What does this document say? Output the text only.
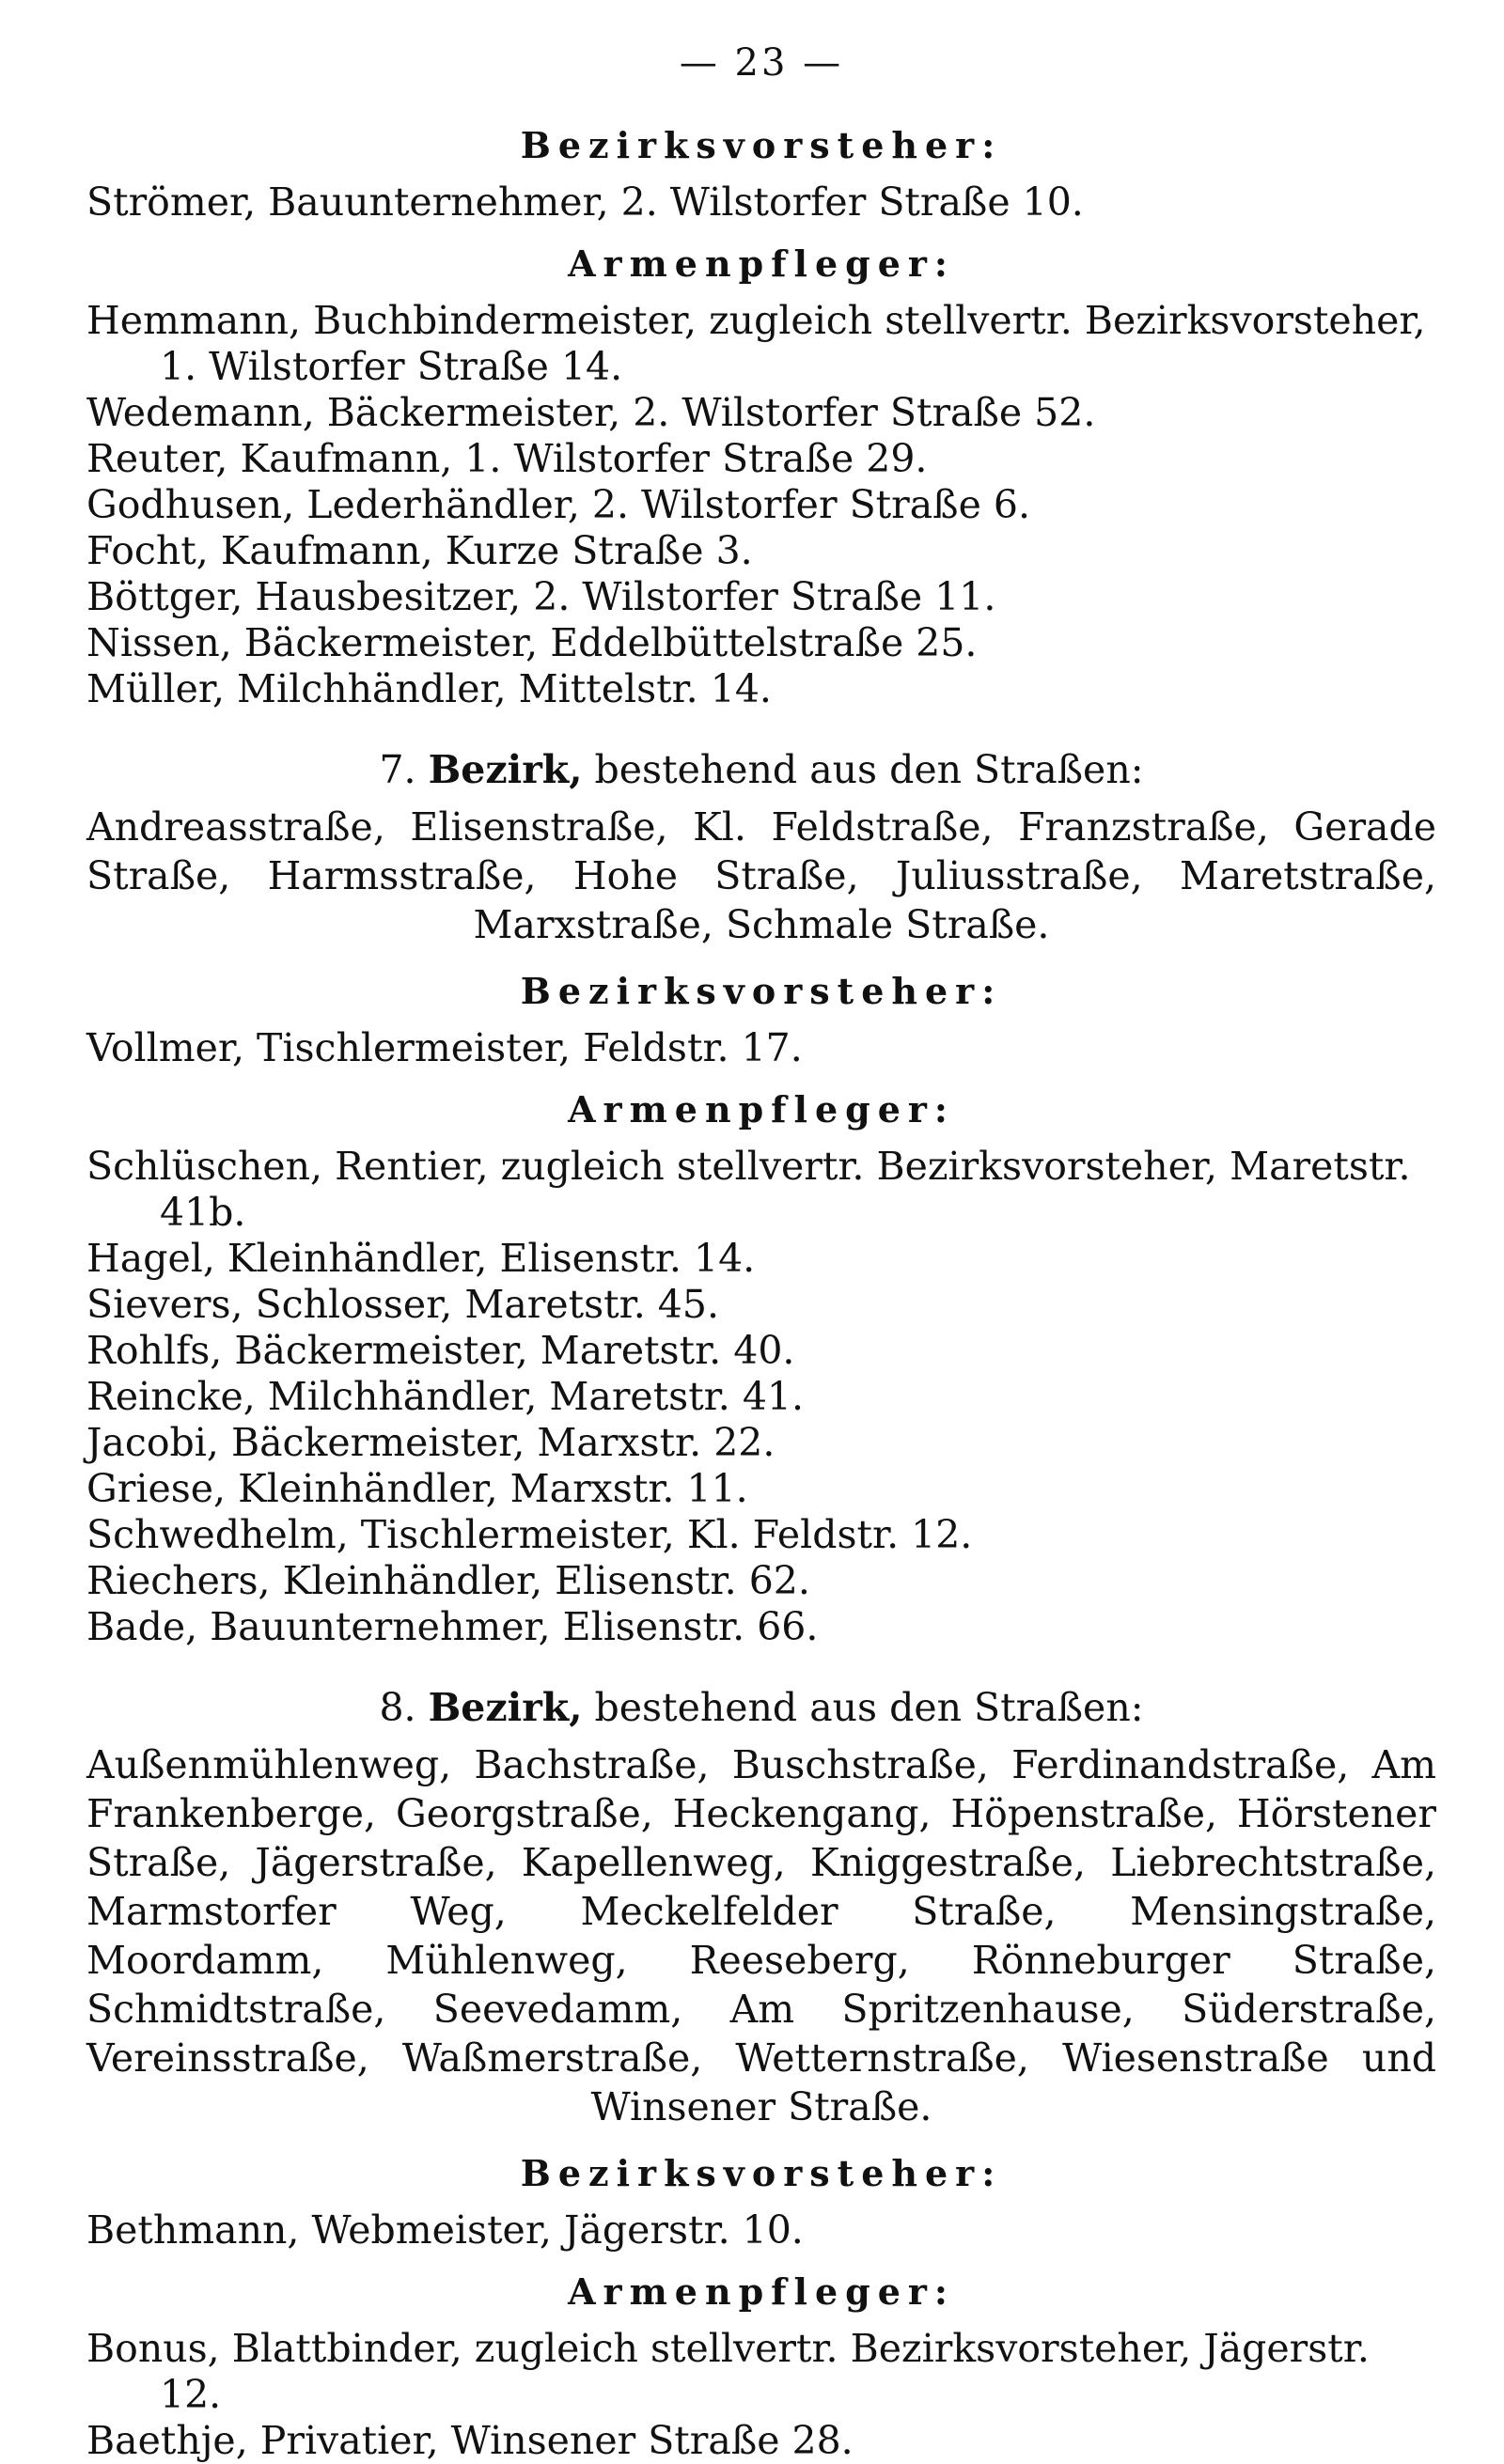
— 23 —
Bezirksvorsteher:
Strömer, Bauunternehmer, 2. Wilstorfer Straße 10.
Armenpfleger:
Hemmann, Buchbindermeister, zugleich stellvertr. Bezirksvorsteher, 1. Wilstorfer Straße 14.
Wedemann, Bäckermeister, 2. Wilstorfer Straße 52.
Reuter, Kaufmann, 1. Wilstorfer Straße 29.
Godhusen, Lederhändler, 2. Wilstorfer Straße 6.
Focht, Kaufmann, Kurze Straße 3.
Böttger, Hausbesitzer, 2. Wilstorfer Straße 11.
Nissen, Bäckermeister, Eddelbüttelstraße 25.
Müller, Milchhändler, Mittelstr. 14.
7. Bezirk, bestehend aus den Straßen:
Andreasstraße, Elisenstraße, Kl. Feldstraße, Franzstraße, Gerade Straße, Harmsstraße, Hohe Straße, Juliusstraße, Maretstraße, Marxstraße, Schmale Straße.
Bezirksvorsteher:
Vollmer, Tischlermeister, Feldstr. 17.
Armenpfleger:
Schlüschen, Rentier, zugleich stellvertr. Bezirksvorsteher, Maretstr. 41b.
Hagel, Kleinhändler, Elisenstr. 14.
Sievers, Schlosser, Maretstr. 45.
Rohlfs, Bäckermeister, Maretstr. 40.
Reincke, Milchhändler, Maretstr. 41.
Jacobi, Bäckermeister, Marxstr. 22.
Griese, Kleinhändler, Marxstr. 11.
Schwedhelm, Tischlermeister, Kl. Feldstr. 12.
Riechers, Kleinhändler, Elisenstr. 62.
Bade, Bauunternehmer, Elisenstr. 66.
8. Bezirk, bestehend aus den Straßen:
Außenmühlenweg, Bachstraße, Buschstraße, Ferdinandstraße, Am Frankenberge, Georgstraße, Heckengang, Höpenstraße, Hörstener Straße, Jägerstraße, Kapellenweg, Kniggestraße, Liebrechtstraße, Marmstorfer Weg, Meckelfelder Straße, Mensingstraße, Moordamm, Mühlenweg, Reeseberg, Rönneburger Straße, Schmidtstraße, Seevedamm, Am Spritzenhause, Süderstraße, Vereinsstraße, Waßmerstraße, Wetternstraße, Wiesenstraße und Winsener Straße.
Bezirksvorsteher:
Bethmann, Webmeister, Jägerstr. 10.
Armenpfleger:
Bonus, Blattbinder, zugleich stellvertr. Bezirksvorsteher, Jägerstr. 12.
Baethje, Privatier, Winsener Straße 28.
